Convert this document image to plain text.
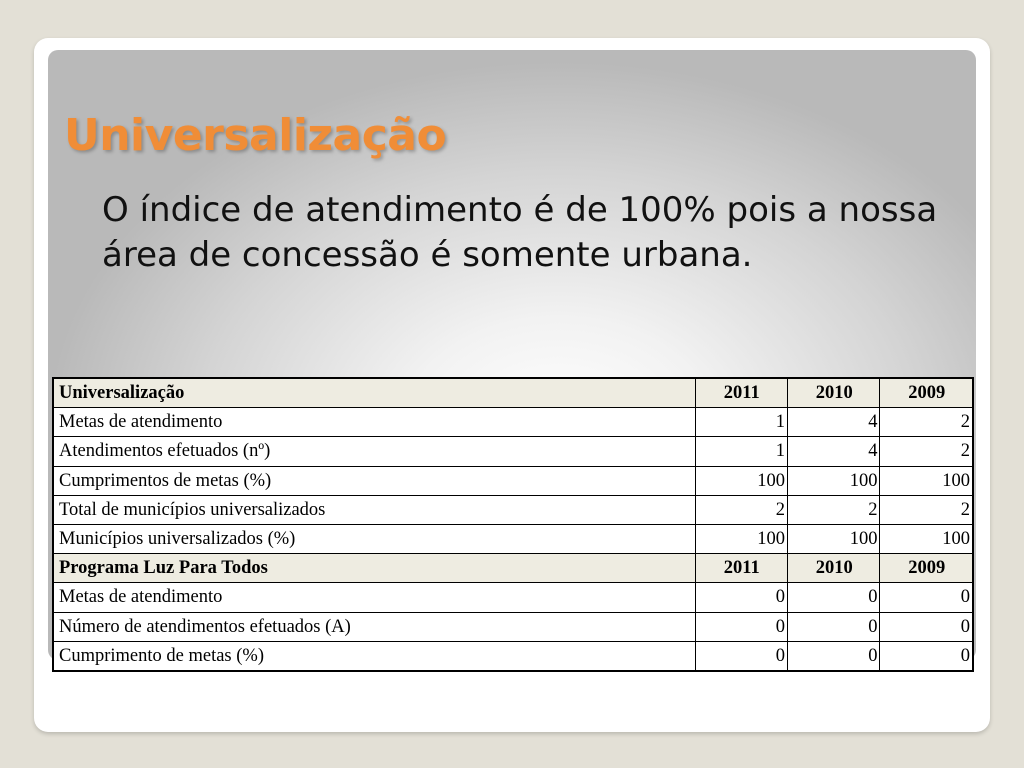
Universalização

O índice de atendimento é de 100% pois a nossa área de concessão é somente urbana.

Universalização	2011	2010	2009
Metas de atendimento	1	4	2
Atendimentos efetuados (nº)	1	4	2
Cumprimentos de metas (%)	100	100	100
Total de municípios universalizados	2	2	2
Municípios universalizados (%)	100	100	100
Programa Luz Para Todos	2011	2010	2009
Metas de atendimento	0	0	0
Número de atendimentos efetuados (A)	0	0	0
Cumprimento de metas (%)	0	0	0
